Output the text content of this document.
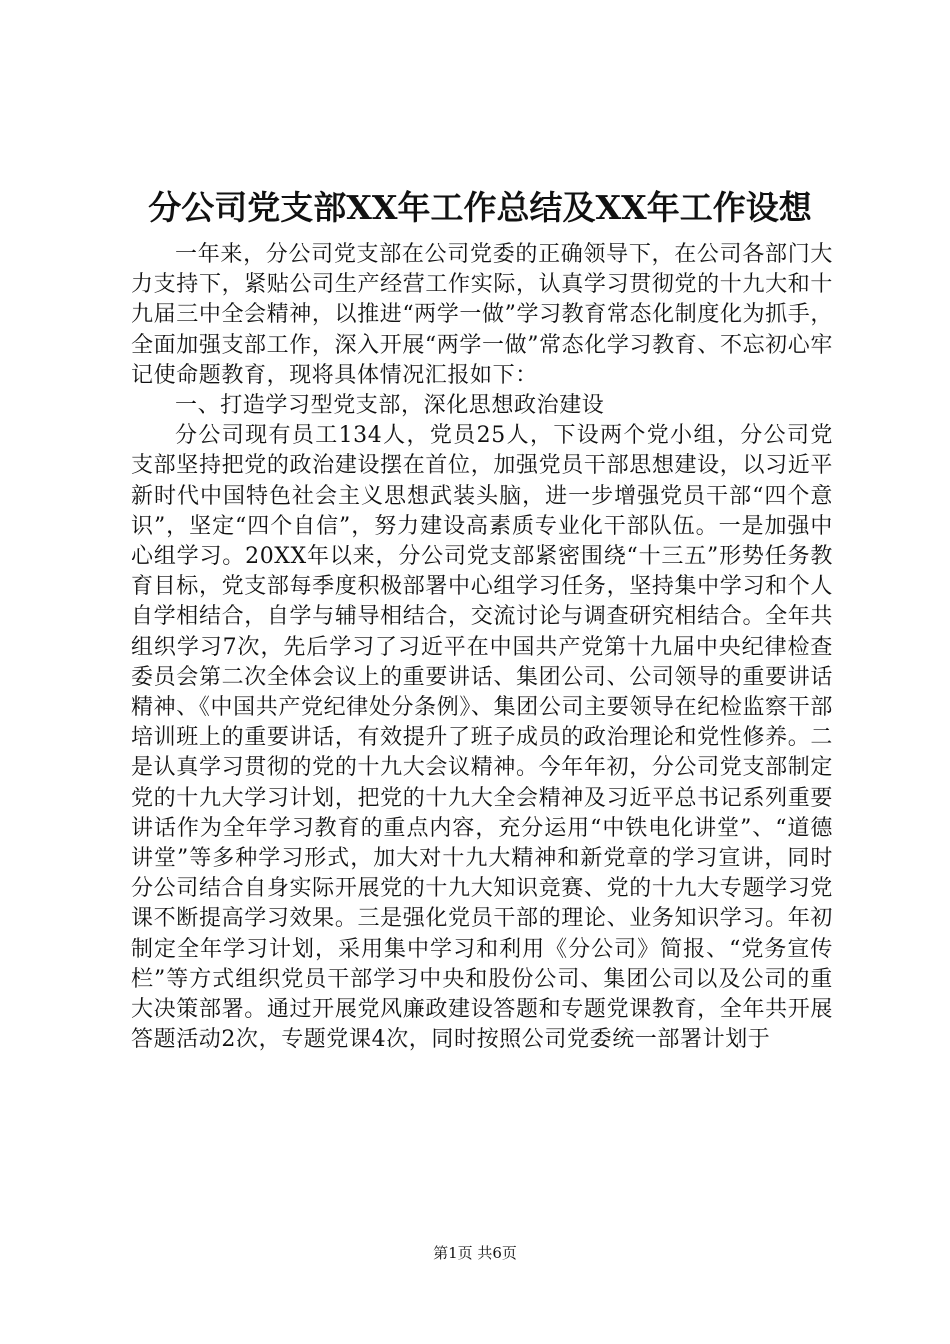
分公司党支部XX年工作总结及XX年工作设想

一年来，分公司党支部在公司党委的正确领导下，在公司各部门大力支持下，紧贴公司生产经营工作实际，认真学习贯彻党的十九大和十九届三中全会精神，以推进“两学一做”学习教育常态化制度化为抓手，全面加强支部工作，深入开展“两学一做”常态化学习教育、不忘初心牢记使命题教育，现将具体情况汇报如下：

一、打造学习型党支部，深化思想政治建设

分公司现有员工134人，党员25人，下设两个党小组，分公司党支部坚持把党的政治建设摆在首位，加强党员干部思想建设，以习近平新时代中国特色社会主义思想武装头脑，进一步增强党员干部“四个意识”，坚定“四个自信”，努力建设高素质专业化干部队伍。一是加强中心组学习。20XX年以来，分公司党支部紧密围绕“十三五”形势任务教育目标，党支部每季度积极部署中心组学习任务，坚持集中学习和个人自学相结合，自学与辅导相结合，交流讨论与调查研究相结合。全年共组织学习7次，先后学习了习近平在中国共产党第十九届中央纪律检查委员会第二次全体会议上的重要讲话、集团公司、公司领导的重要讲话精神、《中国共产党纪律处分条例》、集团公司主要领导在纪检监察干部培训班上的重要讲话，有效提升了班子成员的政治理论和党性修养。二是认真学习贯彻的党的十九大会议精神。今年年初，分公司党支部制定党的十九大学习计划，把党的十九大全会精神及习近平总书记系列重要讲话作为全年学习教育的重点内容，充分运用“中铁电化讲堂”、“道德讲堂”等多种学习形式，加大对十九大精神和新党章的学习宣讲，同时分公司结合自身实际开展党的十九大知识竞赛、党的十九大专题学习党课不断提高学习效果。三是强化党员干部的理论、业务知识学习。年初制定全年学习计划，采用集中学习和利用《分公司》简报、“党务宣传栏”等方式组织党员干部学习中央和股份公司、集团公司以及公司的重大决策部署。通过开展党风廉政建设答题和专题党课教育，全年共开展答题活动2次，专题党课4次，同时按照公司党委统一部署计划于

第1页 共6页
